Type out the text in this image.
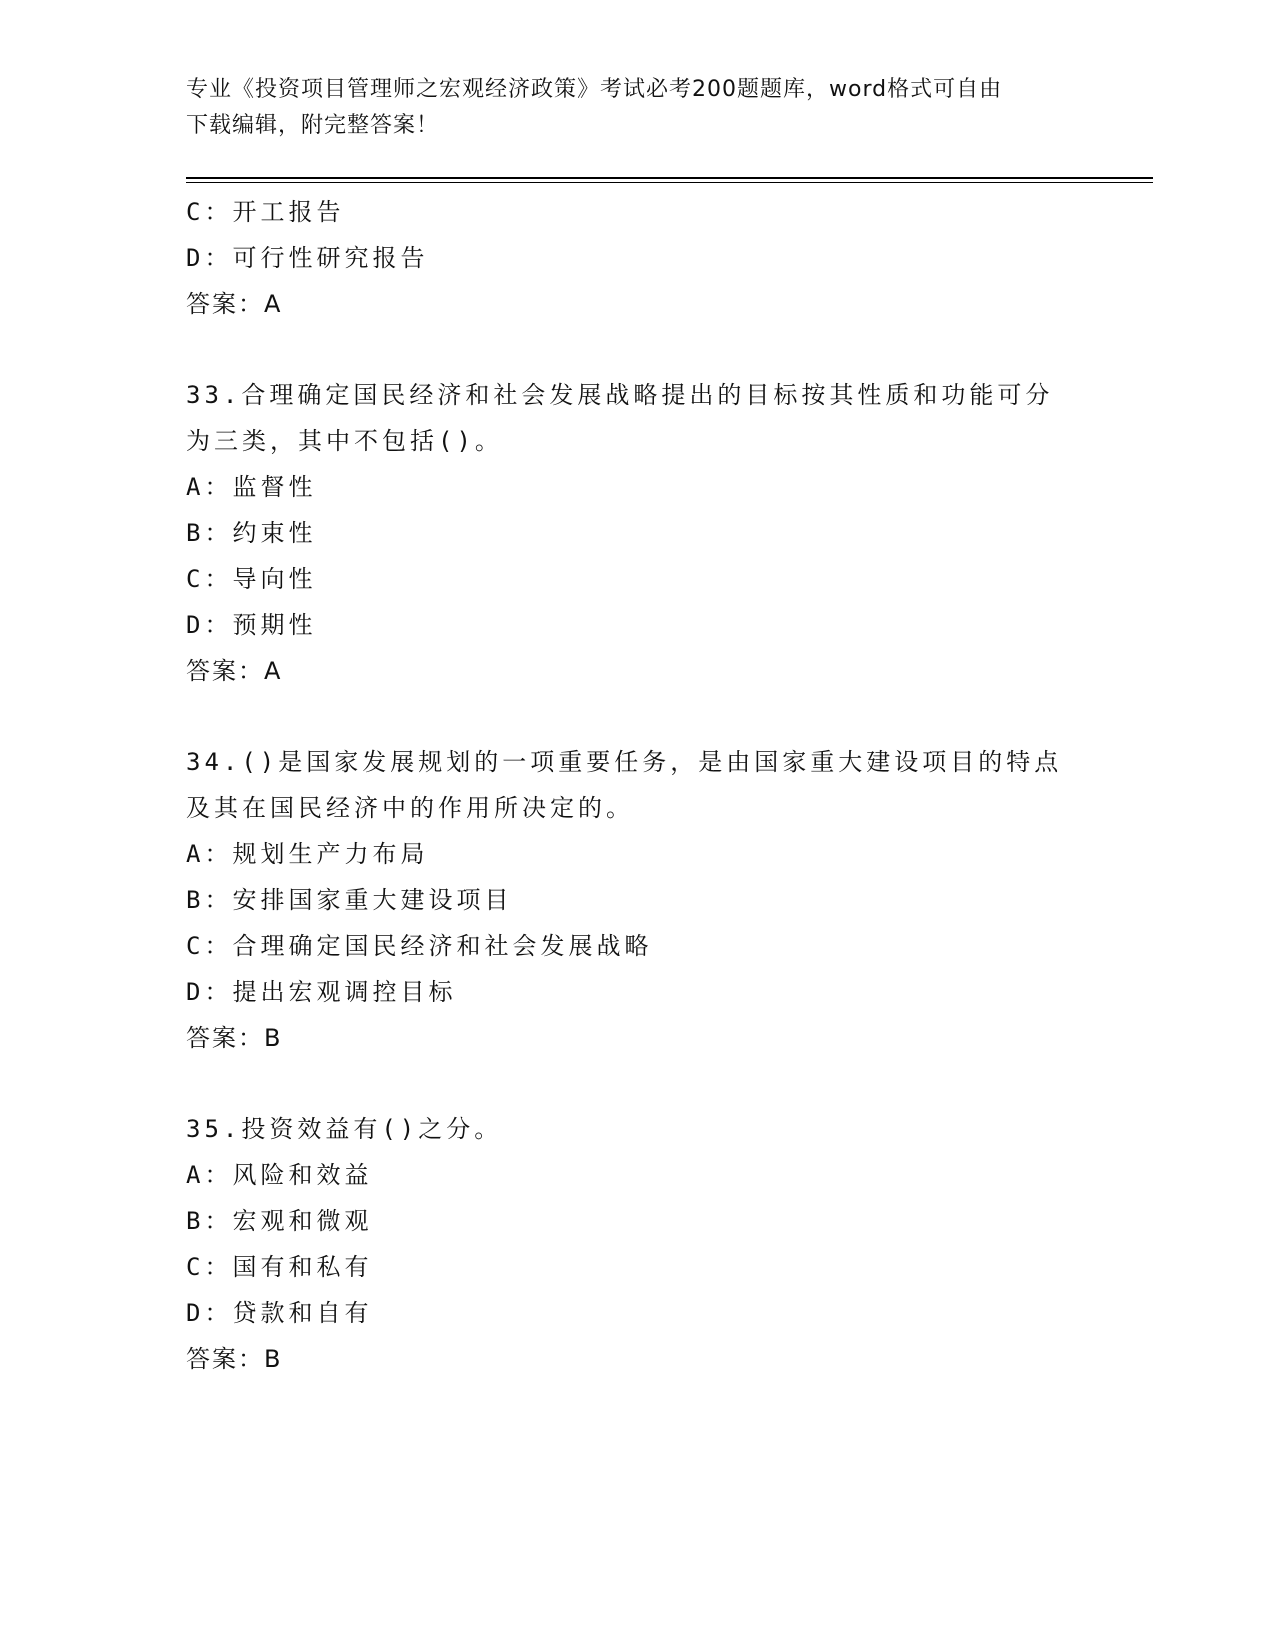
专业《投资项目管理师之宏观经济政策》考试必考200题题库，word格式可自由
下载编辑，附完整答案！
C：开工报告
D：可行性研究报告
答案：A
33.合理确定国民经济和社会发展战略提出的目标按其性质和功能可分
为三类，其中不包括()。
A：监督性
B：约束性
C：导向性
D：预期性
答案：A
34.()是国家发展规划的一项重要任务，是由国家重大建设项目的特点
及其在国民经济中的作用所决定的。
A：规划生产力布局
B：安排国家重大建设项目
C：合理确定国民经济和社会发展战略
D：提出宏观调控目标
答案：B
35.投资效益有()之分。
A：风险和效益
B：宏观和微观
C：国有和私有
D：贷款和自有
答案：B
